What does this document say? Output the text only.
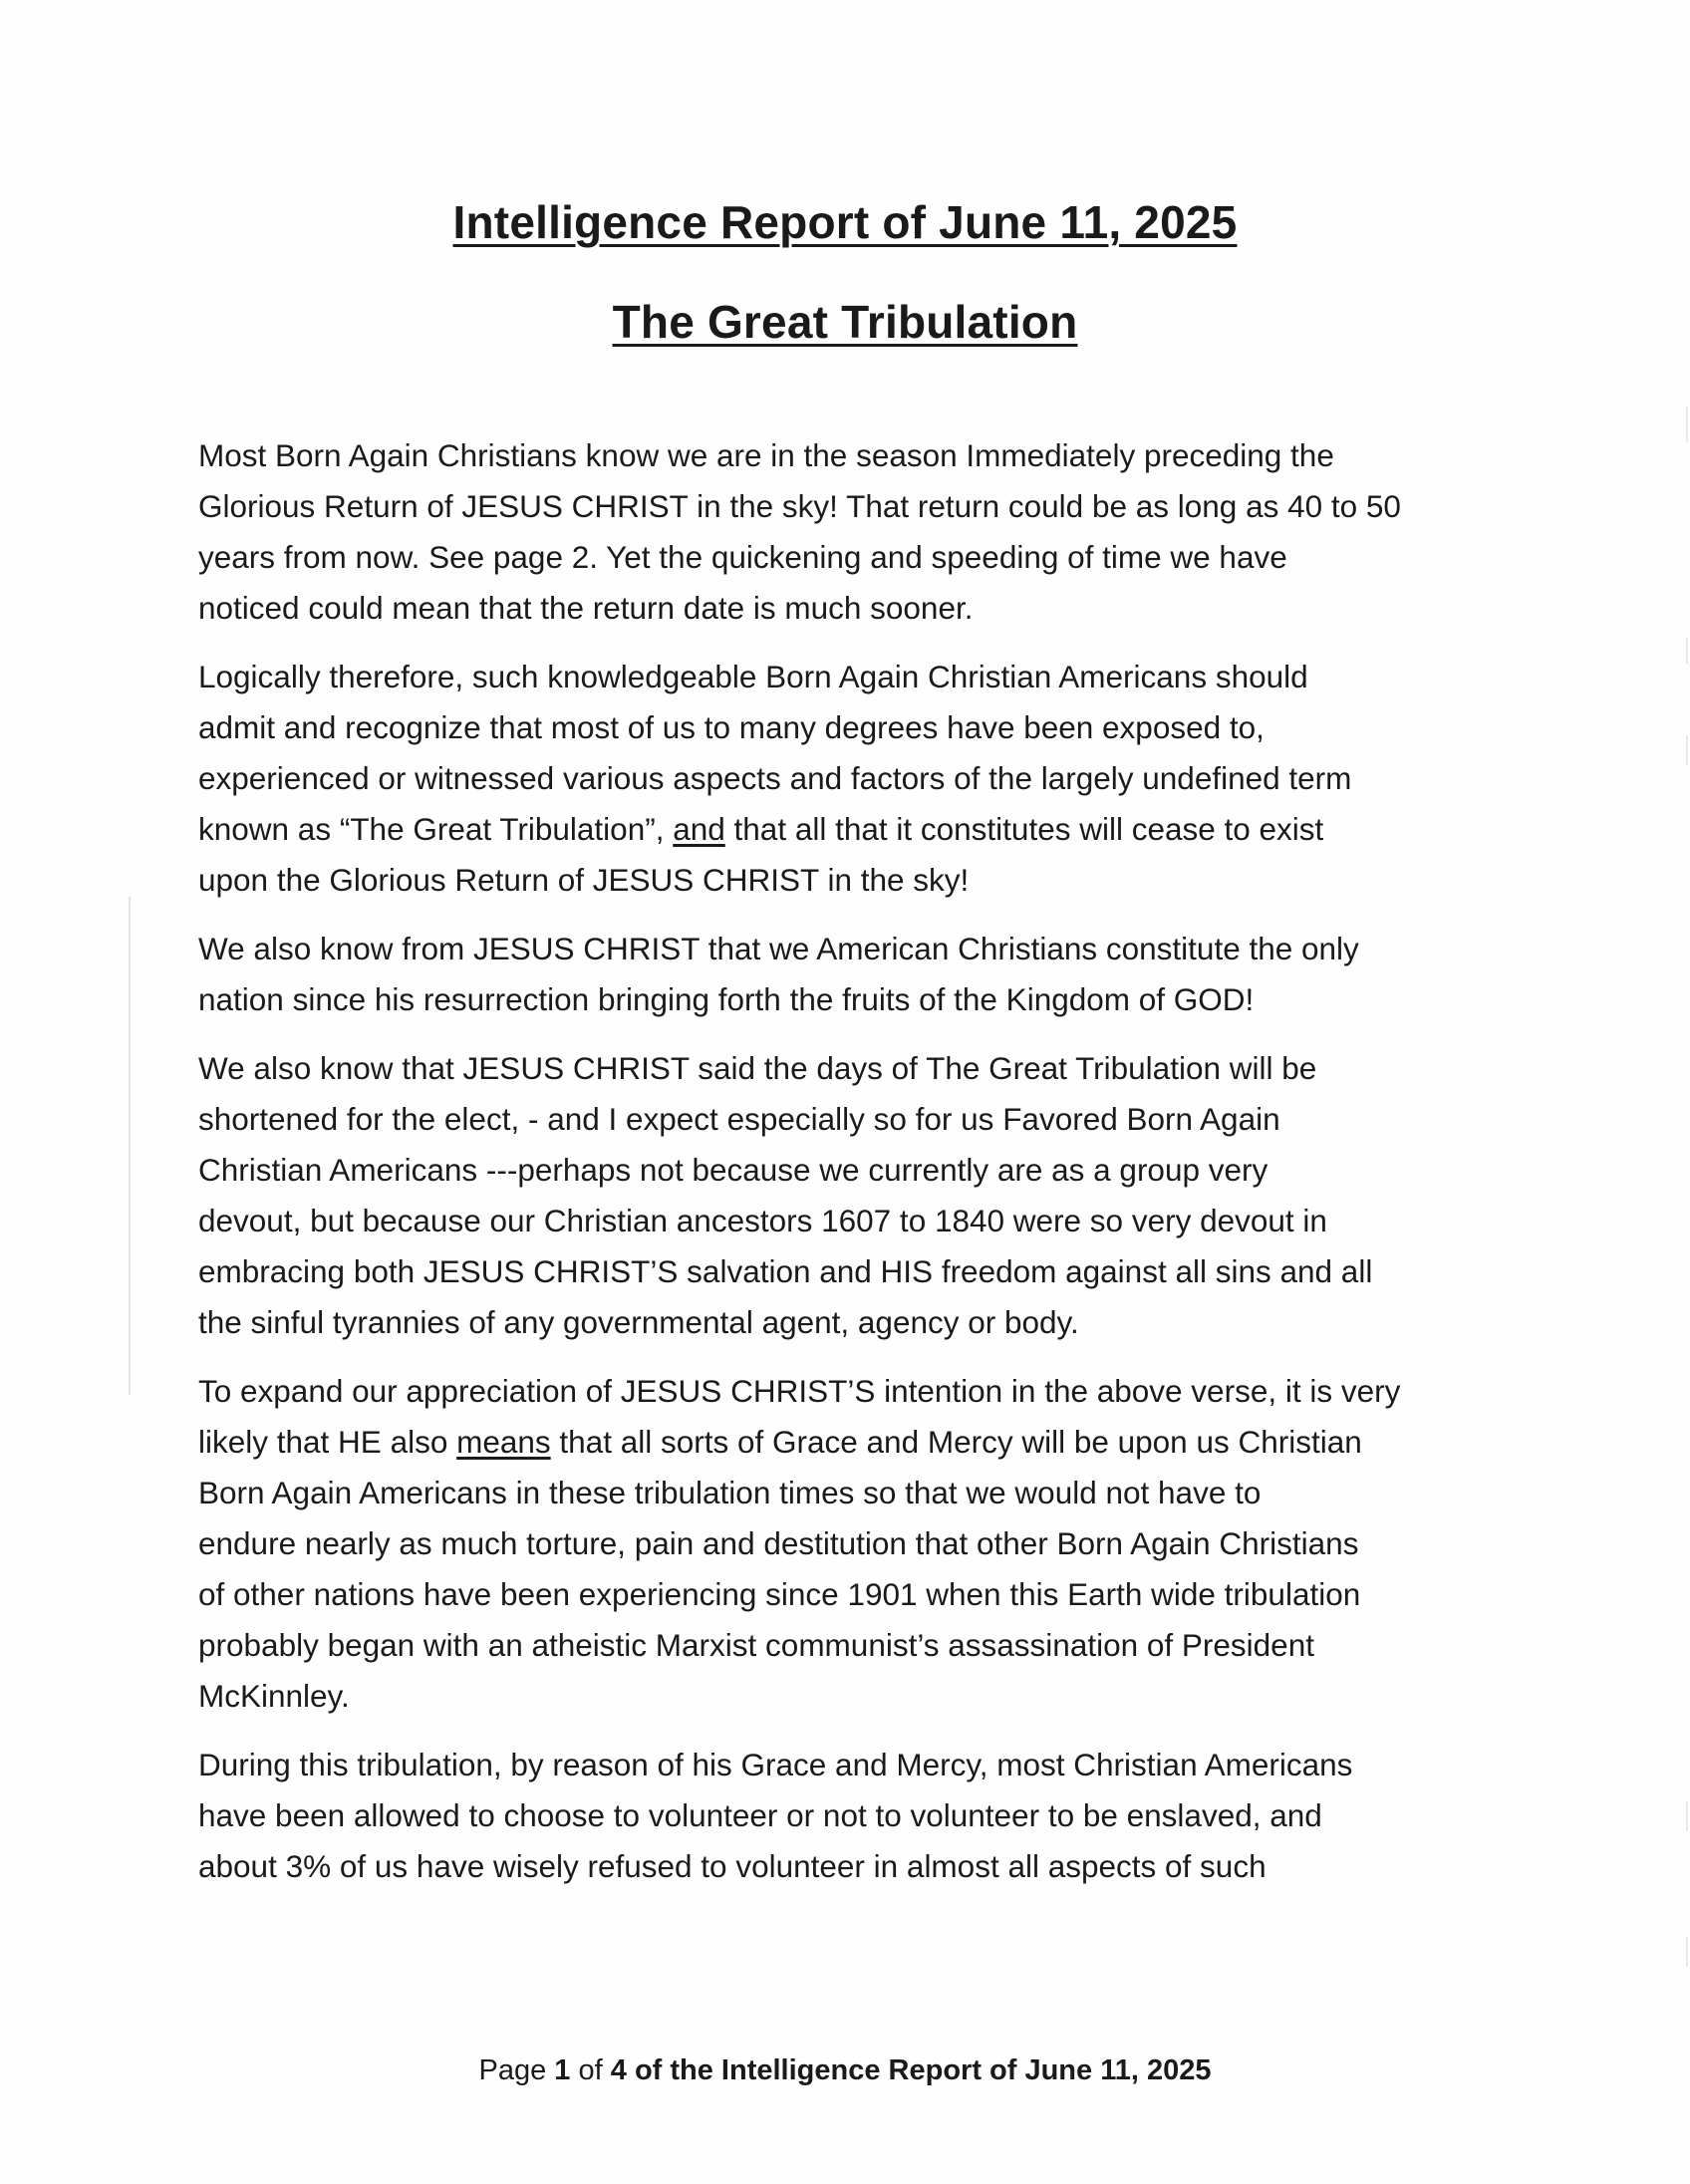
Intelligence Report of June 11, 2025
The Great Tribulation

Most Born Again Christians know we are in the season Immediately preceding the
Glorious Return of JESUS CHRIST in the sky! That return could be as long as 40 to 50
years from now. See page 2. Yet the quickening and speeding of time we have
noticed could mean that the return date is much sooner.

Logically therefore, such knowledgeable Born Again Christian Americans should
admit and recognize that most of us to many degrees have been exposed to,
experienced or witnessed various aspects and factors of the largely undefined term
known as “The Great Tribulation”, and that all that it constitutes will cease to exist
upon the Glorious Return of JESUS CHRIST in the sky!

We also know from JESUS CHRIST that we American Christians constitute the only
nation since his resurrection bringing forth the fruits of the Kingdom of GOD!

We also know that JESUS CHRIST said the days of The Great Tribulation will be
shortened for the elect, - and I expect especially so for us Favored Born Again
Christian Americans ---perhaps not because we currently are as a group very
devout, but because our Christian ancestors 1607 to 1840 were so very devout in
embracing both JESUS CHRIST’S salvation and HIS freedom against all sins and all
the sinful tyrannies of any governmental agent, agency or body.

To expand our appreciation of JESUS CHRIST’S intention in the above verse, it is very
likely that HE also means that all sorts of Grace and Mercy will be upon us Christian
Born Again Americans in these tribulation times so that we would not have to
endure nearly as much torture, pain and destitution that other Born Again Christians
of other nations have been experiencing since 1901 when this Earth wide tribulation
probably began with an atheistic Marxist communist’s assassination of President
McKinnley.

During this tribulation, by reason of his Grace and Mercy, most Christian Americans
have been allowed to choose to volunteer or not to volunteer to be enslaved, and
about 3% of us have wisely refused to volunteer in almost all aspects of such

Page 1 of 4 of the Intelligence Report of June 11, 2025
